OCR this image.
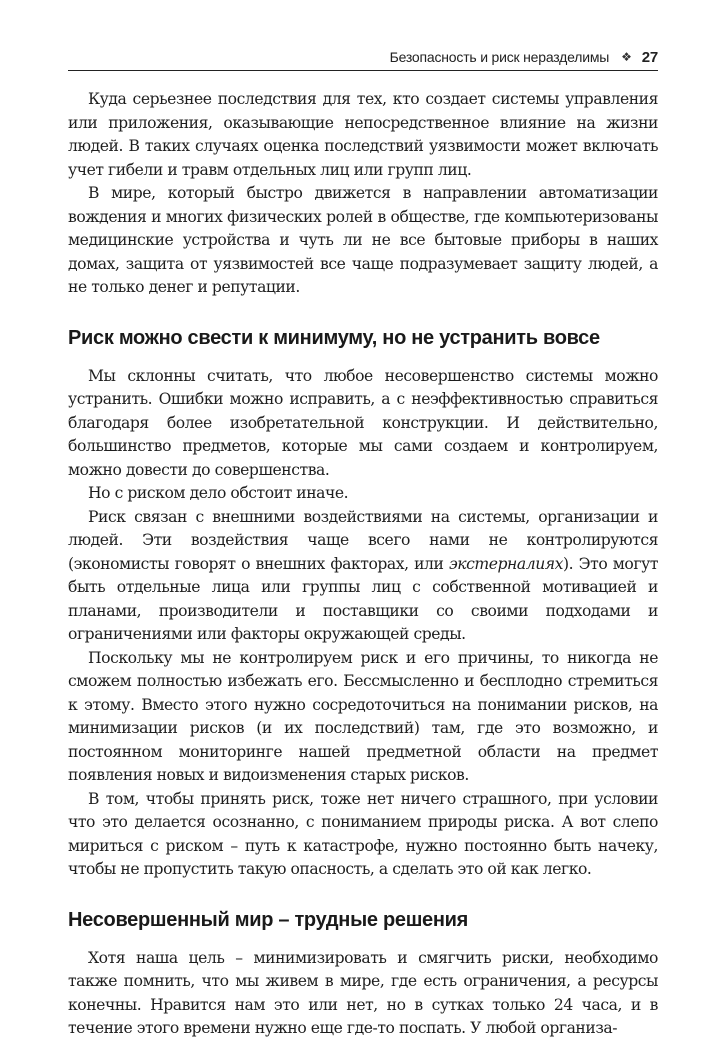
Безопасность и риск неразделимы ❖ 27

Куда серьезнее последствия для тех, кто создает системы управления или приложения, оказывающие непосредственное влияние на жизни людей. В таких случаях оценка последствий уязвимости может включать учет гибели и травм отдельных лиц или групп лиц.

В мире, который быстро движется в направлении автоматизации вождения и многих физических ролей в обществе, где компьютеризованы медицинские устройства и чуть ли не все бытовые приборы в наших домах, защита от уязвимостей все чаще подразумевает защиту людей, а не только денег и репутации.

Риск можно свести к минимуму, но не устранить вовсе

Мы склонны считать, что любое несовершенство системы можно устранить. Ошибки можно исправить, а с неэффективностью справиться благодаря более изобретательной конструкции. И действительно, большинство предметов, которые мы сами создаем и контролируем, можно довести до совершенства.

Но с риском дело обстоит иначе.

Риск связан с внешними воздействиями на системы, организации и людей. Эти воздействия чаще всего нами не контролируются (экономисты говорят о внешних факторах, или экстерналиях). Это могут быть отдельные лица или группы лиц с собственной мотивацией и планами, производители и поставщики со своими подходами и ограничениями или факторы окружающей среды.

Поскольку мы не контролируем риск и его причины, то никогда не сможем полностью избежать его. Бессмысленно и бесплодно стремиться к этому. Вместо этого нужно сосредоточиться на понимании рисков, на минимизации рисков (и их последствий) там, где это возможно, и постоянном мониторинге нашей предметной области на предмет появления новых и видоизменения старых рисков.

В том, чтобы принять риск, тоже нет ничего страшного, при условии что это делается осознанно, с пониманием природы риска. А вот слепо мириться с риском – путь к катастрофе, нужно постоянно быть начеку, чтобы не пропустить такую опасность, а сделать это ой как легко.

Несовершенный мир – трудные решения

Хотя наша цель – минимизировать и смягчить риски, необходимо также помнить, что мы живем в мире, где есть ограничения, а ресурсы конечны. Нравится нам это или нет, но в сутках только 24 часа, и в течение этого времени нужно еще где-то поспать. У любой организа-
